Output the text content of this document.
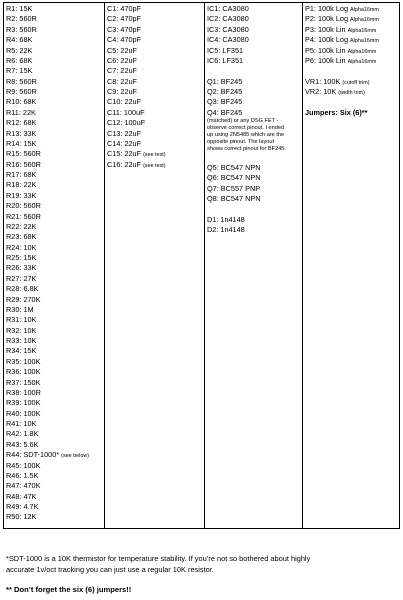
R1: 15K
R2: 560R
R3: 560R
R4: 68K
R5: 22K
R6: 68K
R7: 15K
R8: 560R
R9: 560R
R10: 68K
R11: 22K
R12: 68K
R13: 33K
R14: 15K
R15: 560R
R16: 560R
R17: 68K
R18: 22K
R19: 33K
R20: 560R
R21: 560R
R22: 22K
R23: 68K
R24: 10K
R25: 15K
R26: 33K
R27: 27K
R28: 6.8K
R29: 270K
R30: 1M
R31: 10K
R32: 10K
R33: 10K
R34: 15K
R35: 100K
R36: 100K
R37: 150K
R38: 100R
R39: 100K
R40: 100K
R41: 10K
R42: 1.8K
R43: 5.6K
R44: SDT-1000* (see below)
R45: 100K
R46: 1.5K
R47: 470K
R48: 47K
R49: 4.7K
R50: 12K
C1: 470pF
C2: 470pF
C3: 470pF
C4: 470pF
C5: 22uF
C6: 22uF
C7: 22uF
C8: 22uF
C9: 22uF
C10: 22uF
C11: 100uF
C12: 100uF
C13: 22uF
C14: 22uF
C15: 22uF (see text)
C16: 22uF (see text)
IC1: CA3080
IC2: CA3080
IC3: CA3080
IC4: CA3080
IC5: LF351
IC6: LF351
Q1: BF245
Q2: BF245
Q3: BF245
Q4: BF245
(matched) or any DSG FET -
observe correct pinout. I ended
up using 2N5485 which are the
opposite pinout. The layout
shows correct pinout for BF245.
Q5: BC547 NPN
Q6: BC547 NPN
Q7: BC557 PNP
Q8: BC547 NPN
D1: 1n4148
D2: 1n4148
P1: 100k Log Alpha16mm
P2: 100k Log Alpha16mm
P3: 100k Lin Alpha16mm
P4: 100k Log Alpha16mm
P5: 100k Lin Alpha16mm
P6: 100k Lin Alpha16mm
VR1: 100K (cutoff trim)
VR2: 10K (width trim)
Jumpers: Six (6)**

*SDT-1000 is a 10K thermistor for temperature stability. If you’re not so bothered about highly
accurate 1v/oct tracking you can just use a regular 10K resistor.

** Don’t forget the six (6) jumpers!!
